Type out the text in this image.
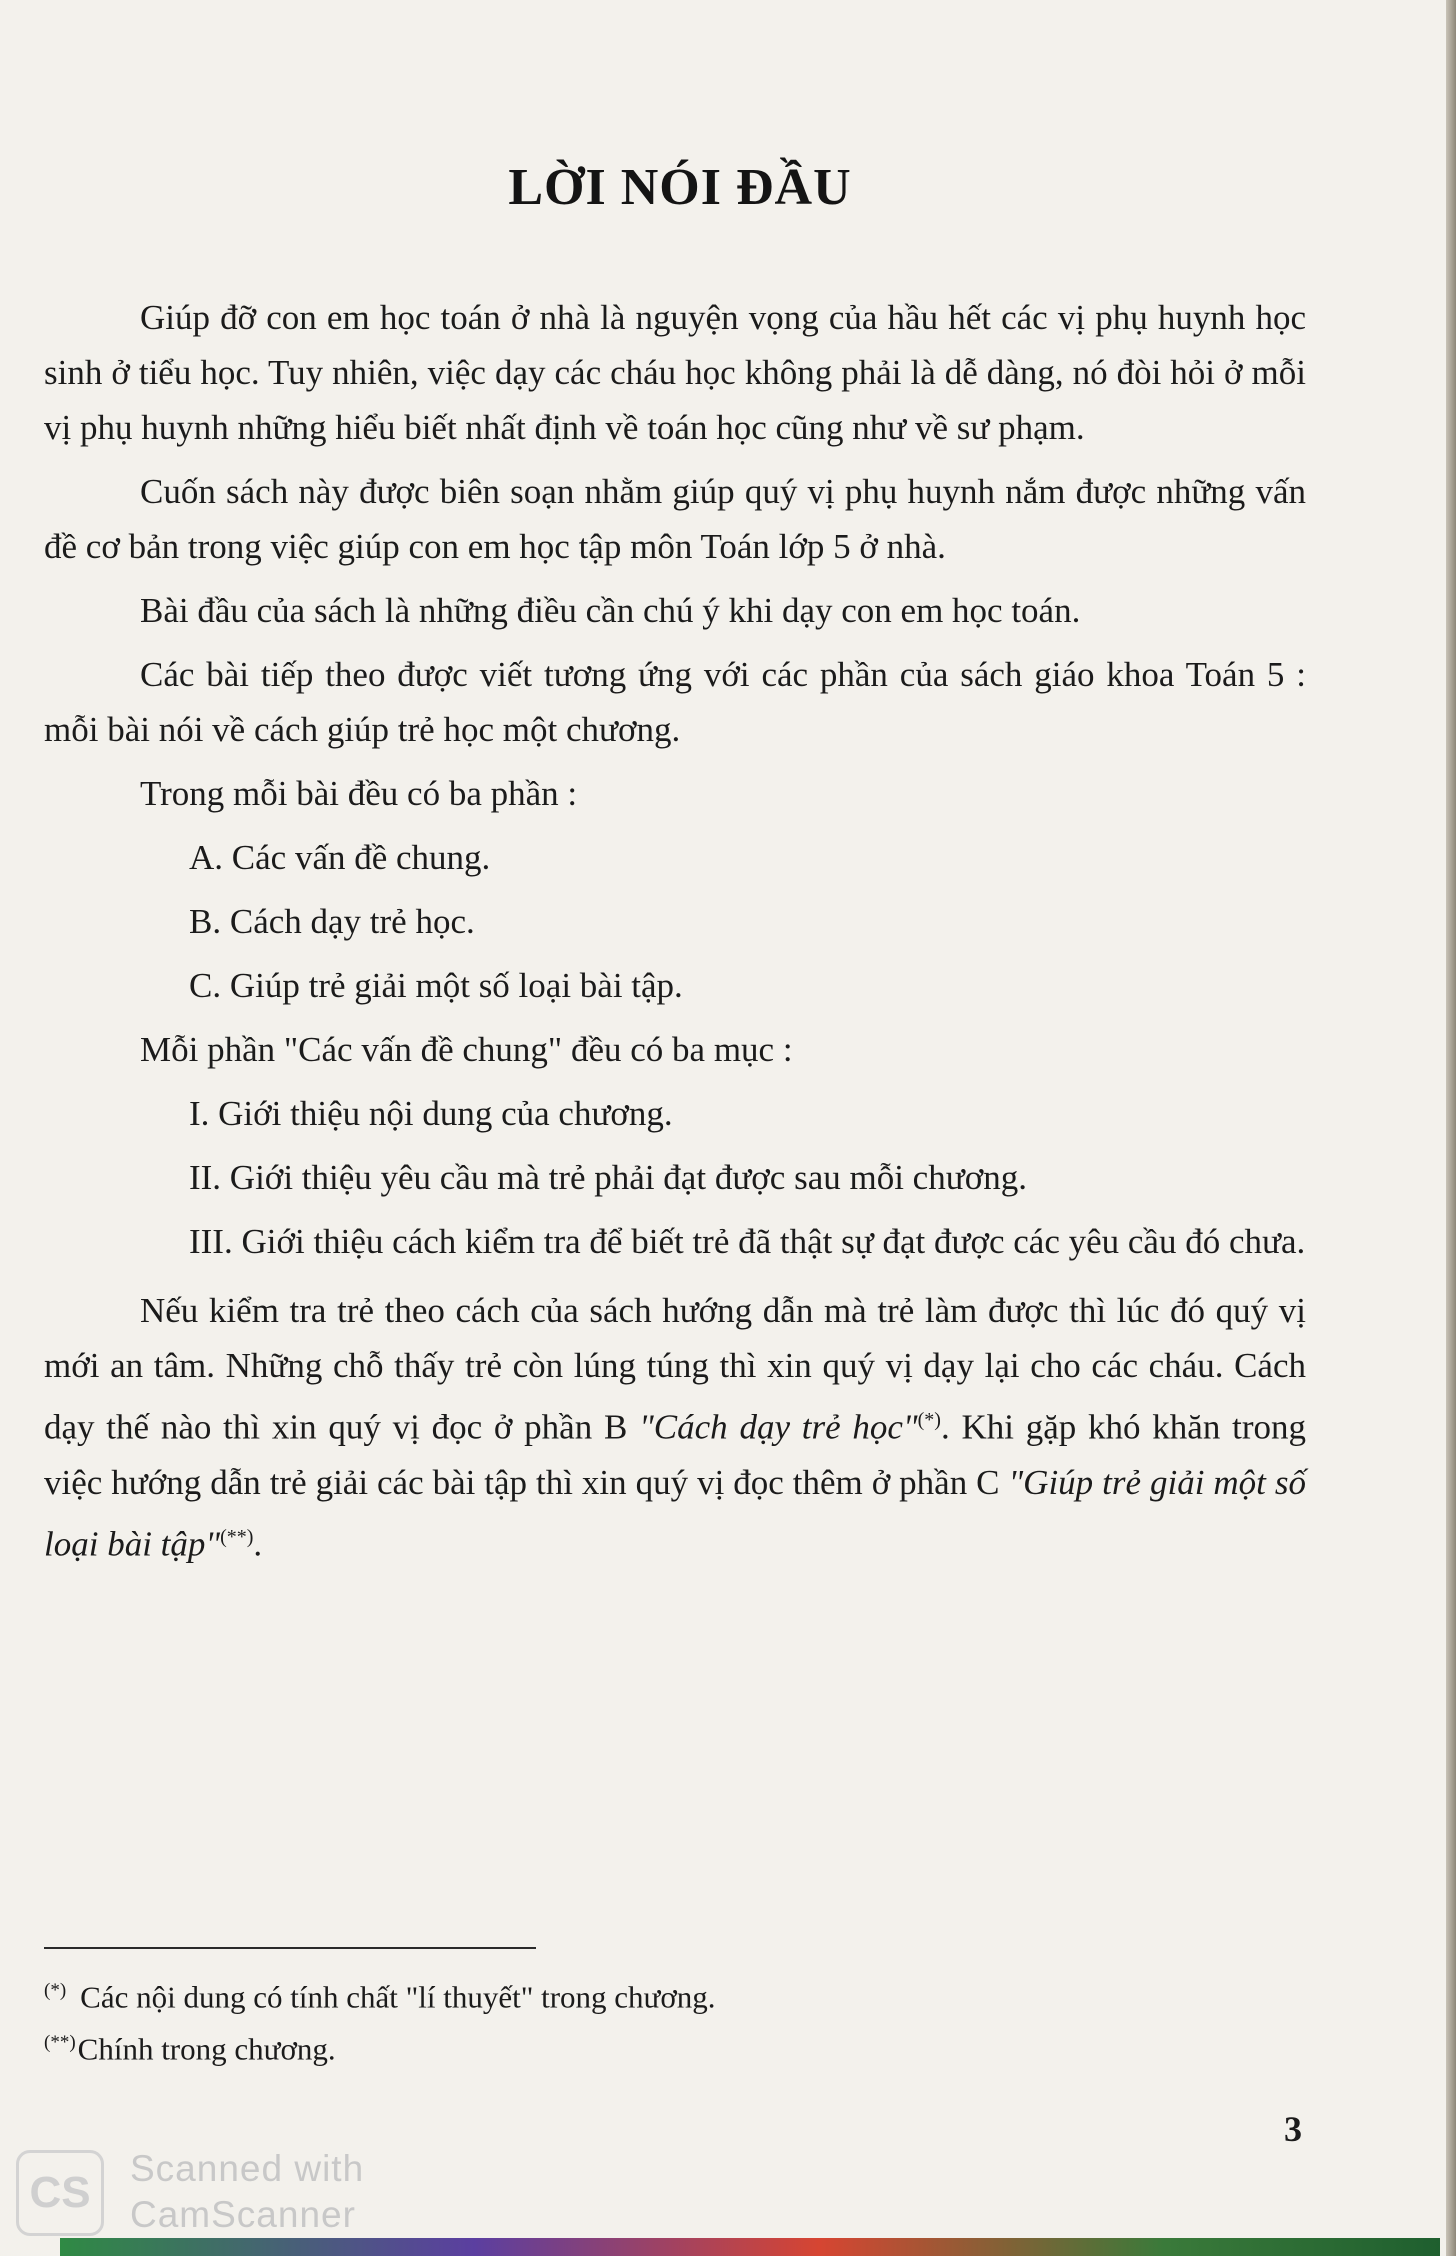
LỜI NÓI ĐẦU

Giúp đỡ con em học toán ở nhà là nguyện vọng của hầu hết các vị phụ huynh học sinh ở tiểu học. Tuy nhiên, việc dạy các cháu học không phải là dễ dàng, nó đòi hỏi ở mỗi vị phụ huynh những hiểu biết nhất định về toán học cũng như về sư phạm.

Cuốn sách này được biên soạn nhằm giúp quý vị phụ huynh nắm được những vấn đề cơ bản trong việc giúp con em học tập môn Toán lớp 5 ở nhà.

Bài đầu của sách là những điều cần chú ý khi dạy con em học toán.

Các bài tiếp theo được viết tương ứng với các phần của sách giáo khoa Toán 5 : mỗi bài nói về cách giúp trẻ học một chương.

Trong mỗi bài đều có ba phần :

A. Các vấn đề chung.
B. Cách dạy trẻ học.
C. Giúp trẻ giải một số loại bài tập.

Mỗi phần "Các vấn đề chung" đều có ba mục :

I. Giới thiệu nội dung của chương.
II. Giới thiệu yêu cầu mà trẻ phải đạt được sau mỗi chương.
III. Giới thiệu cách kiểm tra để biết trẻ đã thật sự đạt được các yêu cầu đó chưa.

Nếu kiểm tra trẻ theo cách của sách hướng dẫn mà trẻ làm được thì lúc đó quý vị mới an tâm. Những chỗ thấy trẻ còn lúng túng thì xin quý vị dạy lại cho các cháu. Cách dạy thế nào thì xin quý vị đọc ở phần B "Cách dạy trẻ học"(*). Khi gặp khó khăn trong việc hướng dẫn trẻ giải các bài tập thì xin quý vị đọc thêm ở phần C "Giúp trẻ giải một số loại bài tập"(**).

(*) Các nội dung có tính chất "lí thuyết" trong chương.
(**)Chính trong chương.
3
CS	Scanned with
CamScanner
